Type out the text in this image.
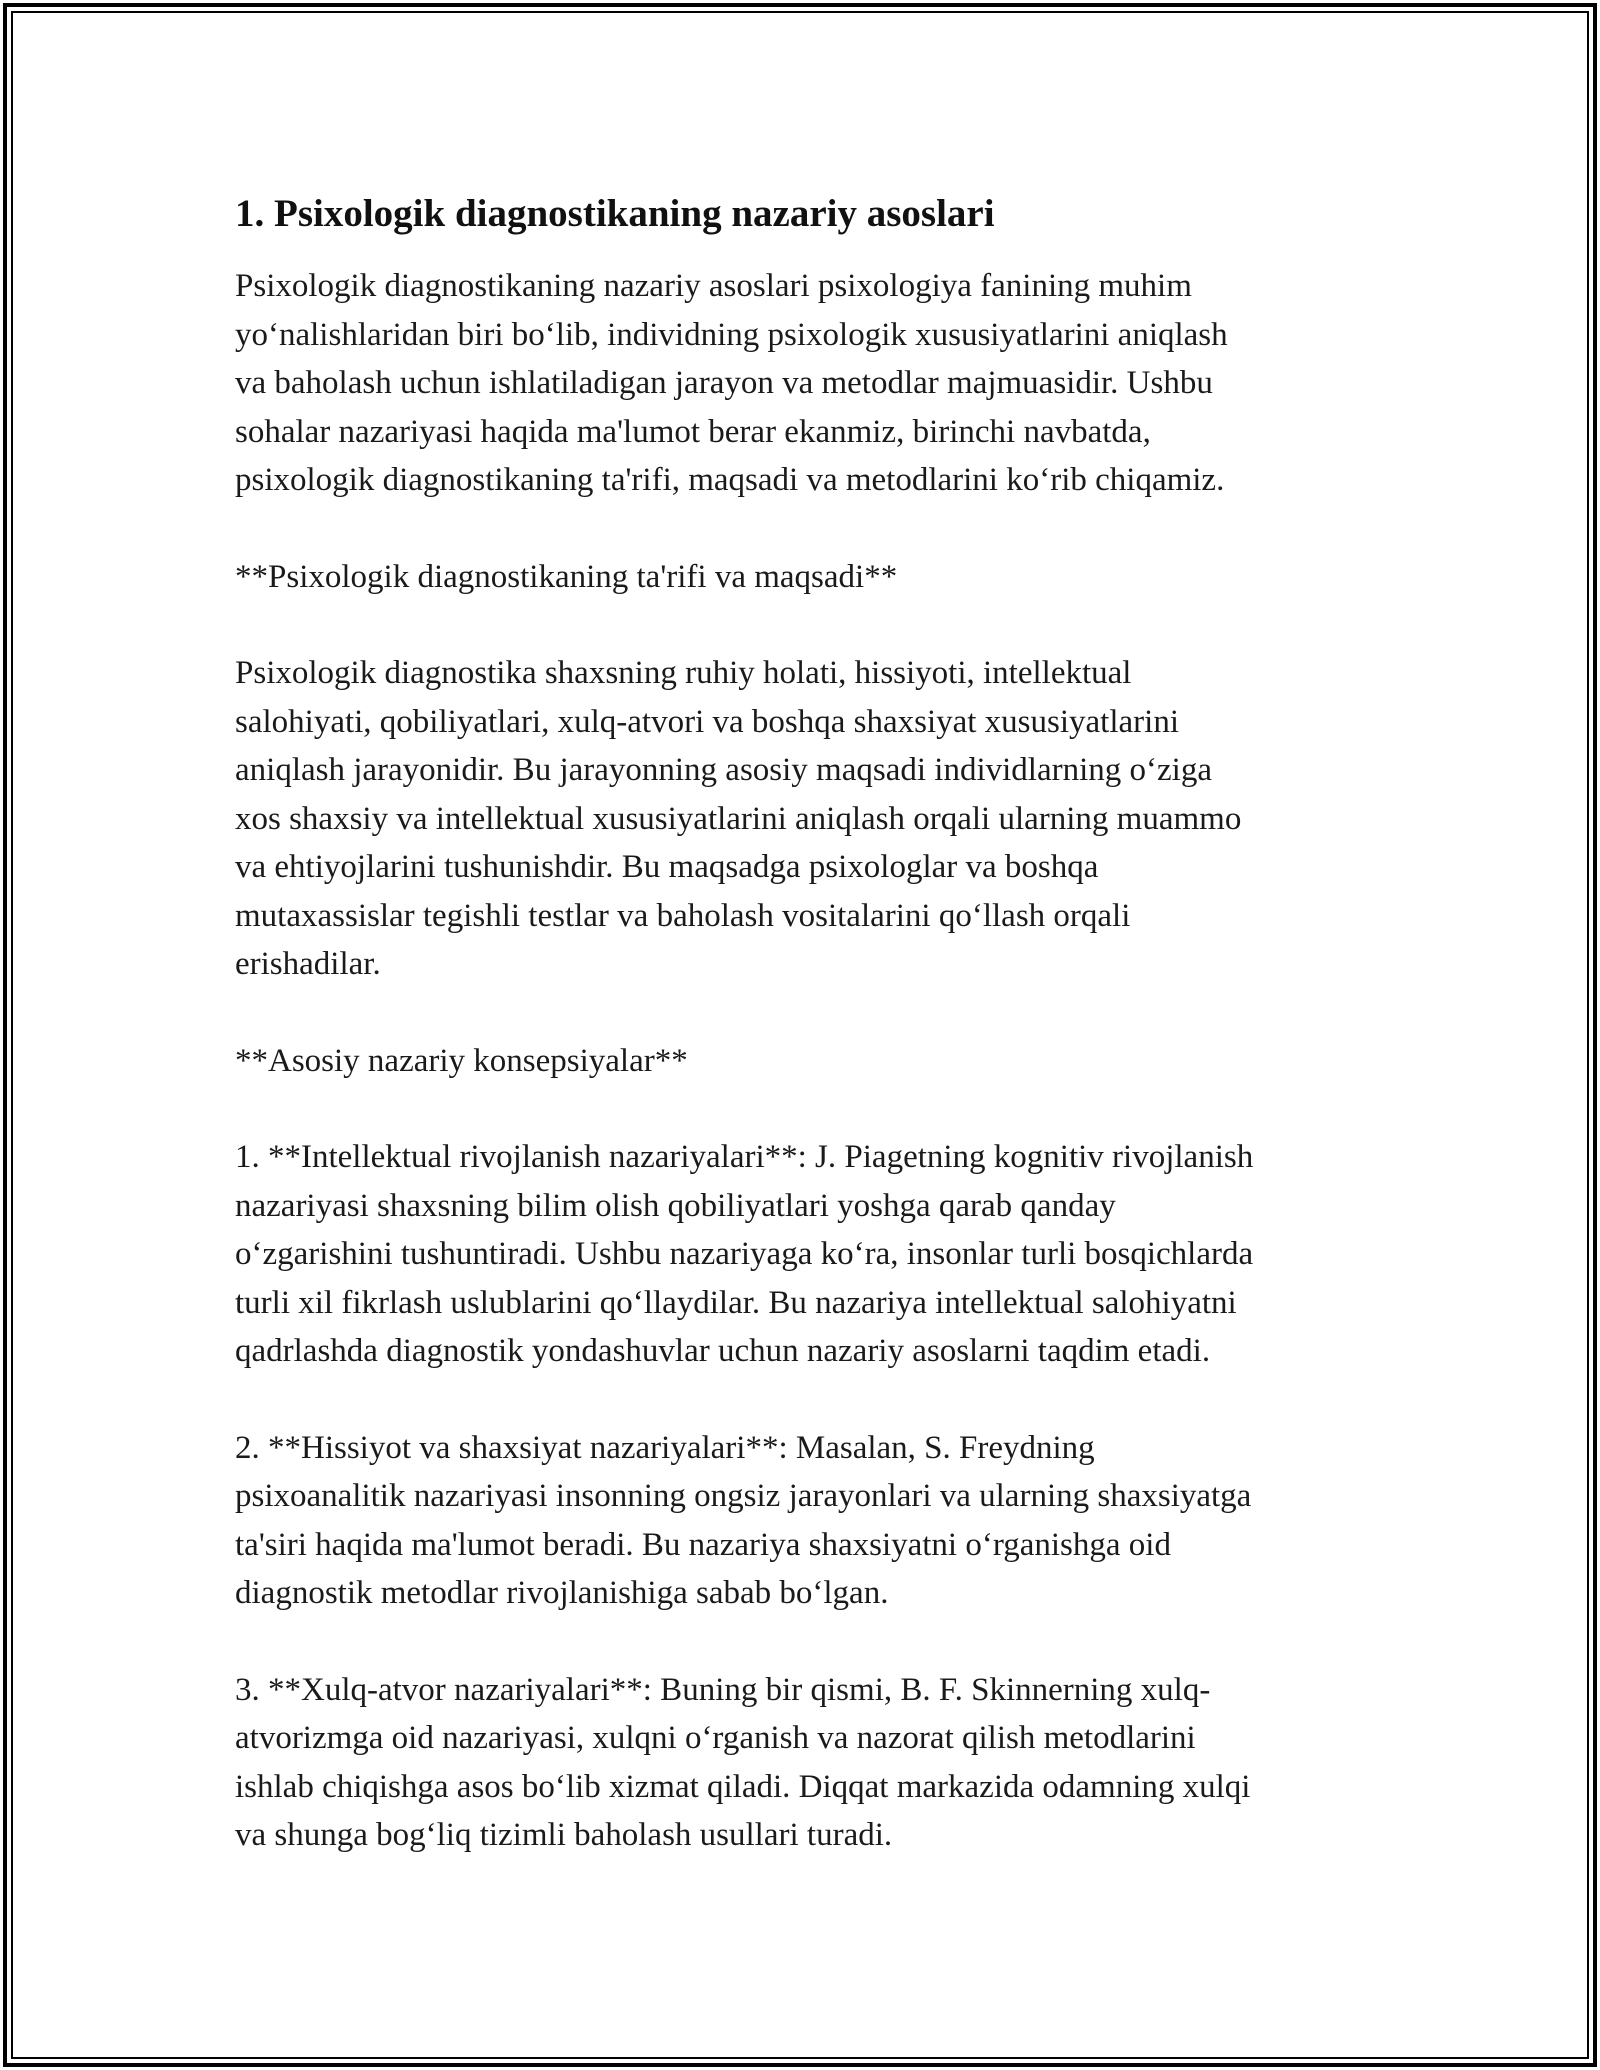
1. Psixologik diagnostikaning nazariy asoslari

Psixologik diagnostikaning nazariy asoslari psixologiya fanining muhim
yo‘nalishlaridan biri bo‘lib, individning psixologik xususiyatlarini aniqlash
va baholash uchun ishlatiladigan jarayon va metodlar majmuasidir. Ushbu
sohalar nazariyasi haqida ma'lumot berar ekanmiz, birinchi navbatda,
psixologik diagnostikaning ta'rifi, maqsadi va metodlarini ko‘rib chiqamiz.

**Psixologik diagnostikaning ta'rifi va maqsadi**

Psixologik diagnostika shaxsning ruhiy holati, hissiyoti, intellektual
salohiyati, qobiliyatlari, xulq-atvori va boshqa shaxsiyat xususiyatlarini
aniqlash jarayonidir. Bu jarayonning asosiy maqsadi individlarning o‘ziga
xos shaxsiy va intellektual xususiyatlarini aniqlash orqali ularning muammo
va ehtiyojlarini tushunishdir. Bu maqsadga psixologlar va boshqa
mutaxassislar tegishli testlar va baholash vositalarini qo‘llash orqali
erishadilar.

**Asosiy nazariy konsepsiyalar**

1. **Intellektual rivojlanish nazariyalari**: J. Piagetning kognitiv rivojlanish
nazariyasi shaxsning bilim olish qobiliyatlari yoshga qarab qanday
o‘zgarishini tushuntiradi. Ushbu nazariyaga ko‘ra, insonlar turli bosqichlarda
turli xil fikrlash uslublarini qo‘llaydilar. Bu nazariya intellektual salohiyatni
qadrlashda diagnostik yondashuvlar uchun nazariy asoslarni taqdim etadi.

2. **Hissiyot va shaxsiyat nazariyalari**: Masalan, S. Freydning
psixoanalitik nazariyasi insonning ongsiz jarayonlari va ularning shaxsiyatga
ta'siri haqida ma'lumot beradi. Bu nazariya shaxsiyatni o‘rganishga oid
diagnostik metodlar rivojlanishiga sabab bo‘lgan.

3. **Xulq-atvor nazariyalari**: Buning bir qismi, B. F. Skinnerning xulq-
atvorizmga oid nazariyasi, xulqni o‘rganish va nazorat qilish metodlarini
ishlab chiqishga asos bo‘lib xizmat qiladi. Diqqat markazida odamning xulqi
va shunga bog‘liq tizimli baholash usullari turadi.
